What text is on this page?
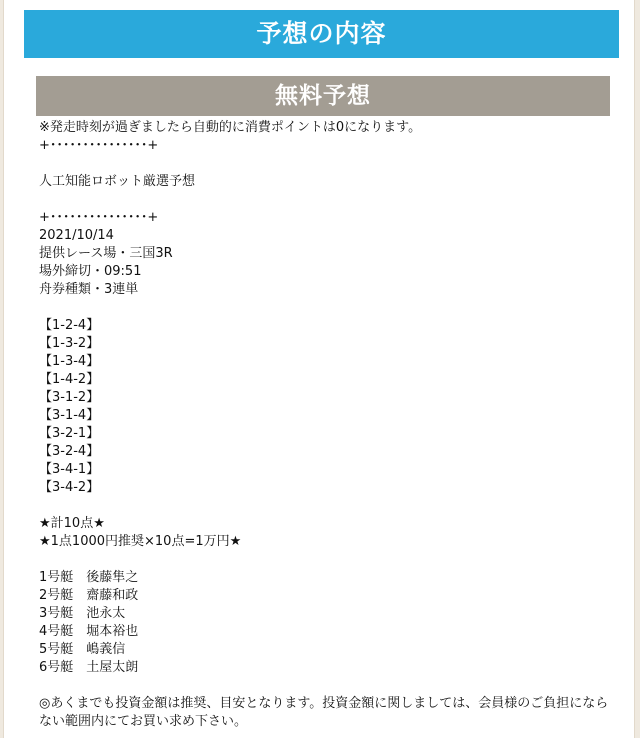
予想の内容
無料予想
※発走時刻が過ぎましたら自動的に消費ポイントは0になります。
+･･･････････････+
人工知能ロボット厳選予想
+･･･････････････+
2021/10/14
提供レース場・三国3R
場外締切・09:51
舟券種類・3連単
【1-2-4】
【1-3-2】
【1-3-4】
【1-4-2】
【3-1-2】
【3-1-4】
【3-2-1】
【3-2-4】
【3-4-1】
【3-4-2】
★計10点★
★1点1000円推奨×10点=1万円★
1号艇　後藤隼之
2号艇　齋藤和政
3号艇　池永太
4号艇　堀本裕也
5号艇　嶋義信
6号艇　土屋太朗
◎あくまでも投資金額は推奨、目安となります。投資金額に関しましては、会員様のご負担にならない範囲内にてお買い求め下さい。
